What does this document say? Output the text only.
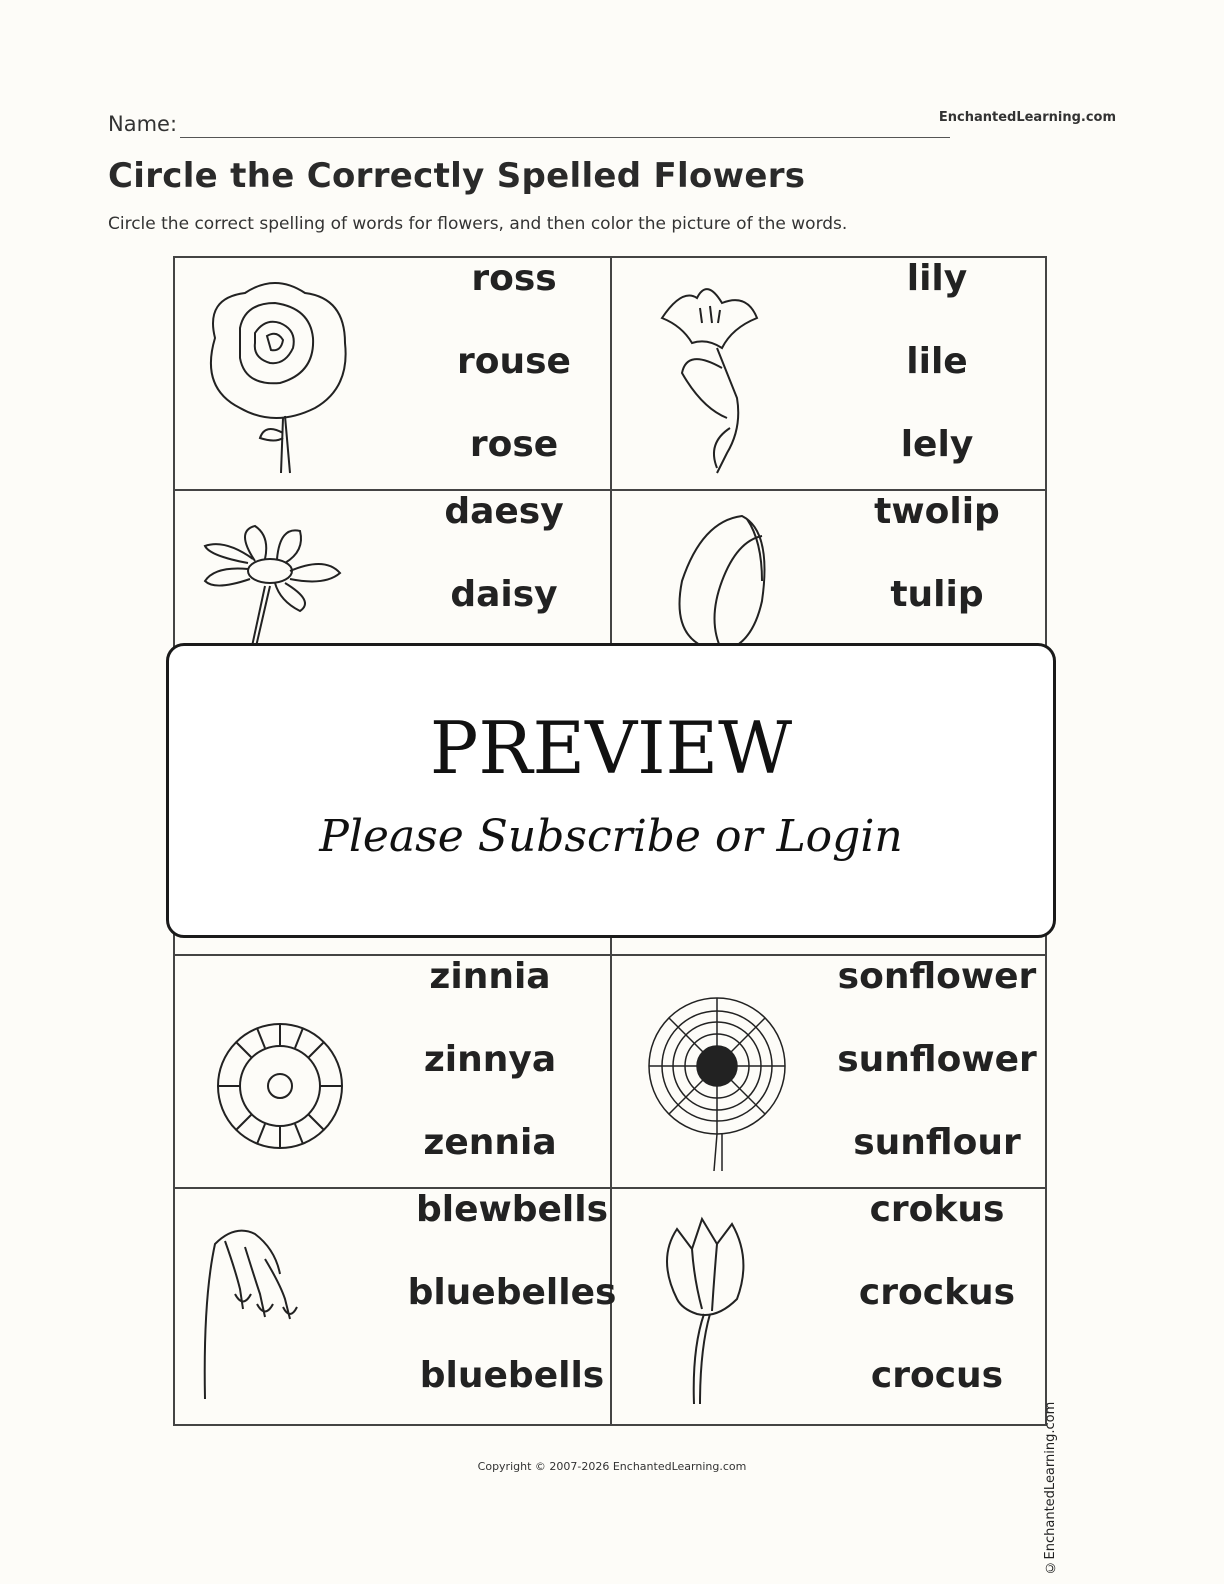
Name:	EnchantedLearning.com
Circle the Correctly Spelled Flowers
Circle the correct spelling of words for flowers, and then color the picture of the words.
ross
rouse
rose
lily
lile
lely
daesy
daisy
twolip
tulip
zinnia
zinnya
zennia
sonflower
sunflower
sunflour
blewbells
bluebelles
bluebells
crokus
crockus
crocus
©EnchantedLearning.com
PREVIEW
Please Subscribe or Login
Copyright © 2007-2026 EnchantedLearning.com
